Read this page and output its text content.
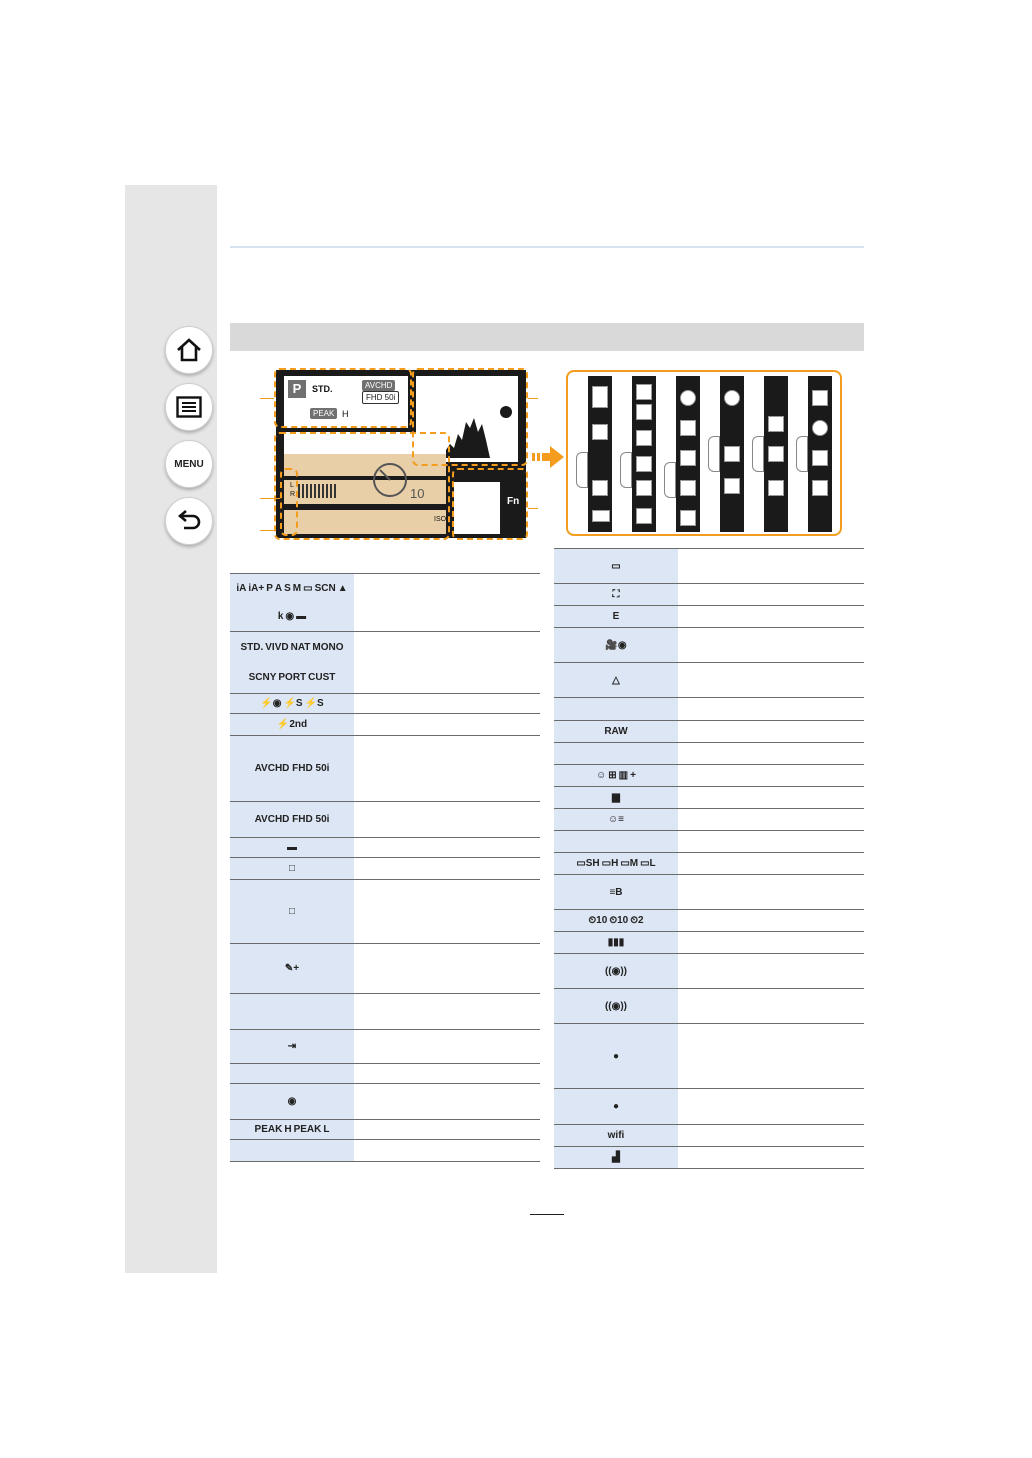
MENU
P	STD.	AVCHD
FHD 50i
PEAK H
10
ISO
Fn
L
R
iA iA+ P A S M ▭ SCN ▲
k ◉ ▬
STD. VIVD NAT MONO
SCNY PORT CUST
⚡◉ ⚡S ⚡S
⚡2nd
AVCHD FHD 50i
AVCHD FHD 50i
▬
□
□
✎+
⇥
◉
PEAK H PEAK L
▭
⛶
E
🎥◉
△
RAW
☺ ⊞ ▥ +
▆
☺≡
▭SH ▭H ▭M ▭L
≡B
⏲10 ⏲10 ⏲2
▮▮▮
((◉))
((◉))
●
●
wifi
▟
